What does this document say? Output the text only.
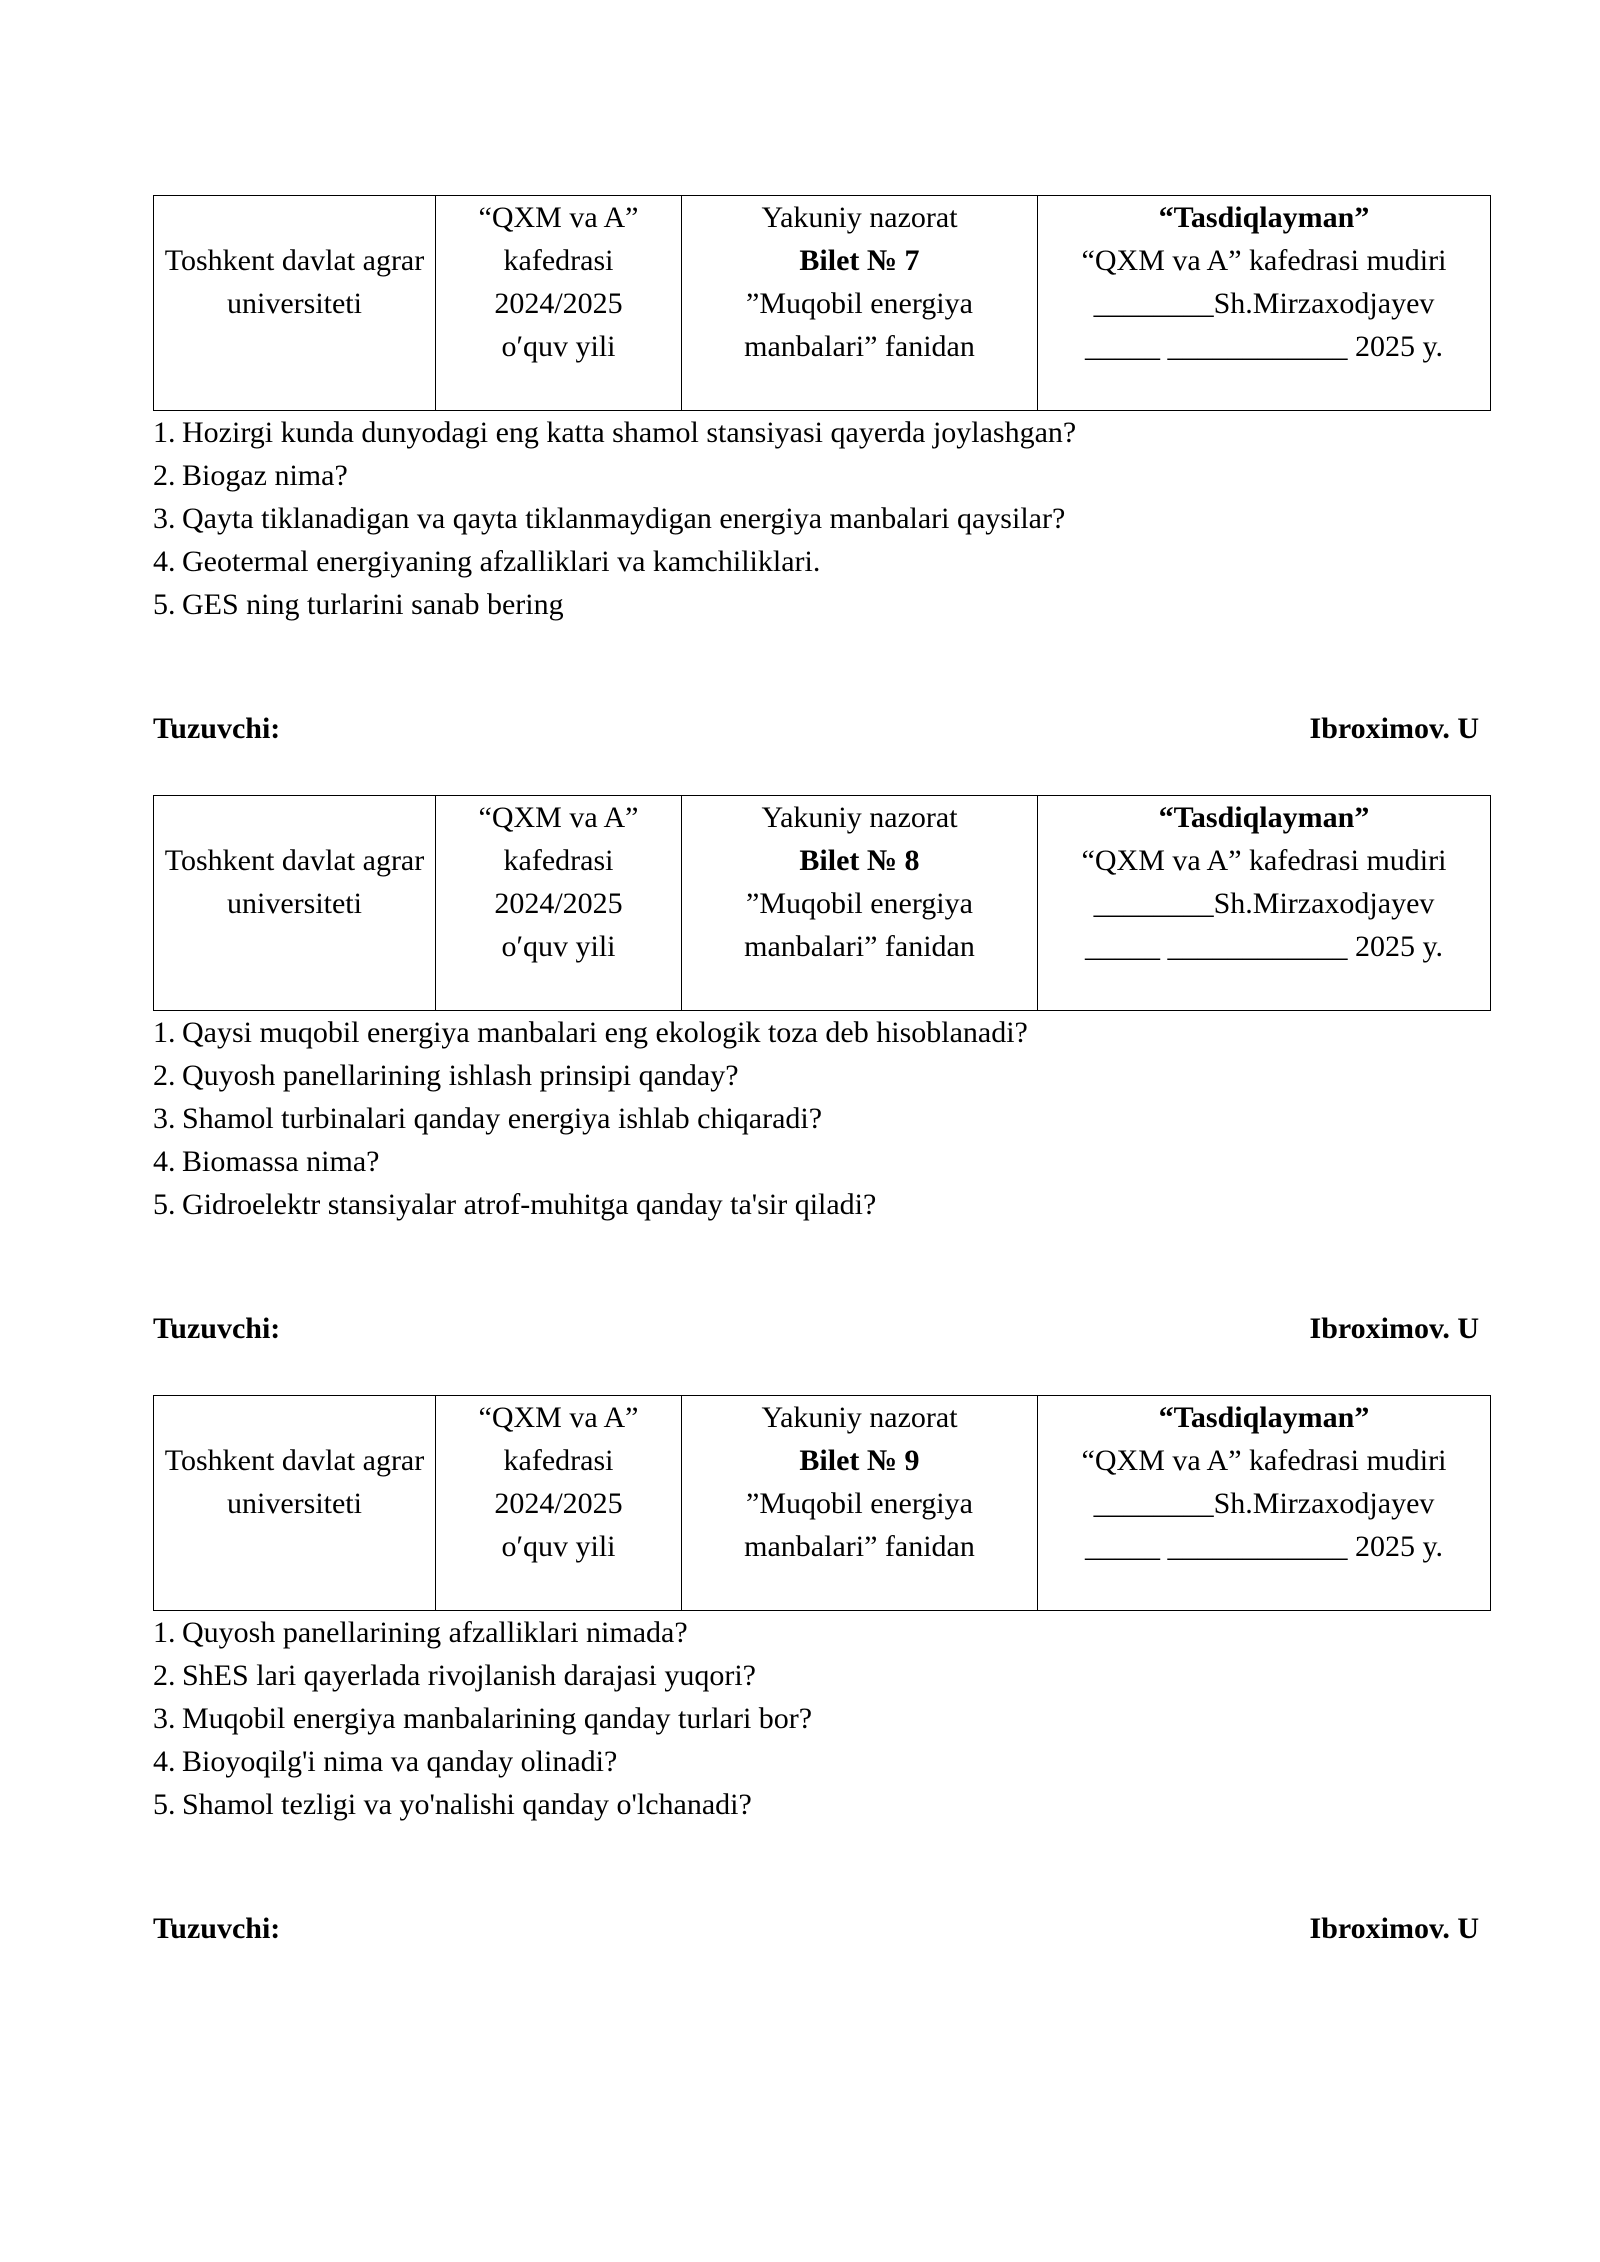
Toshkent davlat agrar universiteti

“QXM va A”
kafedrasi
2024/2025
o′quv yili

Yakuniy nazorat
Bilet № 7
”Muqobil energiya
manbalari” fanidan

“Tasdiqlayman”
“QXM va A” kafedrasi mudiri
________Sh.Mirzaxodjayev
_____ ____________ 2025 y.
1. Hozirgi kunda dunyodagi eng katta shamol stansiyasi qayerda joylashgan?
2. Biogaz nima?
3. Qayta tiklanadigan va qayta tiklanmaydigan energiya manbalari qaysilar?
4. Geotermal energiyaning afzalliklari va kamchiliklari.
5. GES ning turlarini sanab bering
Tuzuvchi:	Ibroximov. U
Toshkent davlat agrar universiteti

“QXM va A”
kafedrasi
2024/2025
o′quv yili

Yakuniy nazorat
Bilet № 8
”Muqobil energiya
manbalari” fanidan

“Tasdiqlayman”
“QXM va A” kafedrasi mudiri
________Sh.Mirzaxodjayev
_____ ____________ 2025 y.
1. Qaysi muqobil energiya manbalari eng ekologik toza deb hisoblanadi?
2. Quyosh panellarining ishlash prinsipi qanday?
3. Shamol turbinalari qanday energiya ishlab chiqaradi?
4. Biomassa nima?
5. Gidroelektr stansiyalar atrof-muhitga qanday ta'sir qiladi?
Tuzuvchi:	Ibroximov. U
Toshkent davlat agrar universiteti

“QXM va A”
kafedrasi
2024/2025
o′quv yili

Yakuniy nazorat
Bilet № 9
”Muqobil energiya
manbalari” fanidan

“Tasdiqlayman”
“QXM va A” kafedrasi mudiri
________Sh.Mirzaxodjayev
_____ ____________ 2025 y.
1. Quyosh panellarining afzalliklari nimada?
2. ShES lari qayerlada rivojlanish darajasi yuqori?
3. Muqobil energiya manbalarining qanday turlari bor?
4. Bioyoqilg'i nima va qanday olinadi?
5. Shamol tezligi va yo'nalishi qanday o'lchanadi?
Tuzuvchi:	Ibroximov. U
